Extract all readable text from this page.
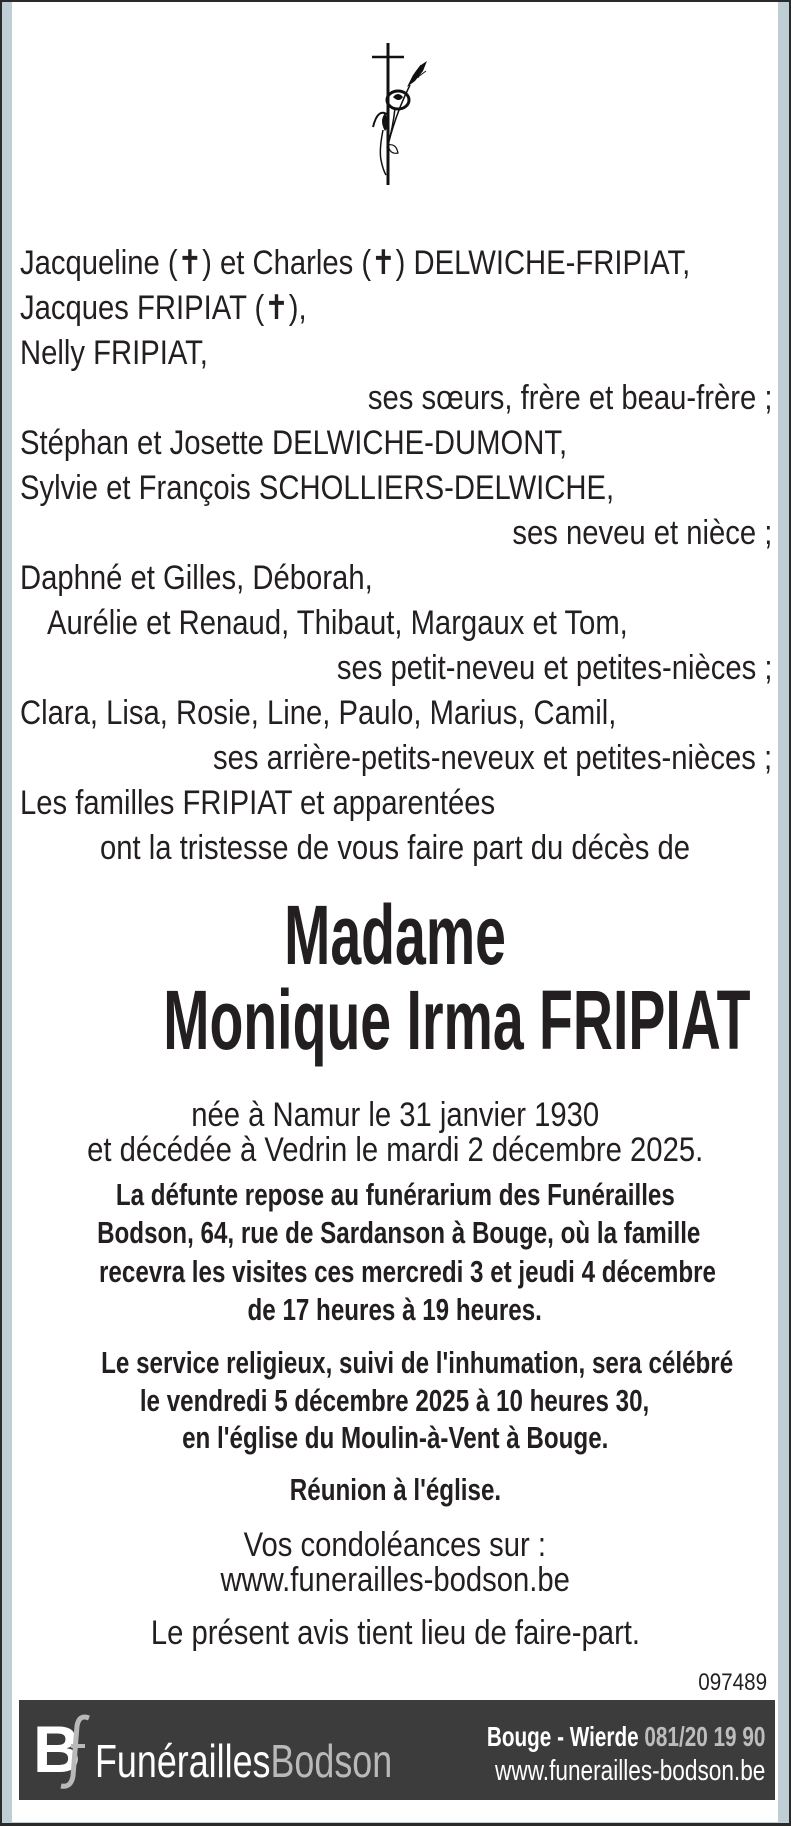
Jacqueline (✝) et Charles (✝) DELWICHE-FRIPIAT,
Jacques FRIPIAT (✝),
Nelly FRIPIAT,
ses sœurs, frère et beau-frère ;
Stéphan et Josette DELWICHE-DUMONT,
Sylvie et François SCHOLLIERS-DELWICHE,
ses neveu et nièce ;
Daphné et Gilles, Déborah,
Aurélie et Renaud, Thibaut, Margaux et Tom,
ses petit-neveu et petites-nièces ;
Clara, Lisa, Rosie, Line, Paulo, Marius, Camil,
ses arrière-petits-neveux et petites-nièces ;
Les familles FRIPIAT et apparentées
ont la tristesse de vous faire part du décès de
Madame
Monique Irma FRIPIAT
née à Namur le 31 janvier 1930
et décédée à Vedrin le mardi 2 décembre 2025.
La défunte repose au funérarium des Funérailles
Bodson, 64, rue de Sardanson à Bouge, où la famille
recevra les visites ces mercredi 3 et jeudi 4 décembre
de 17 heures à 19 heures.
Le service religieux, suivi de l'inhumation, sera célébré
le vendredi 5 décembre 2025 à 10 heures 30,
en l'église du Moulin-à-Vent à Bouge.
Réunion à l'église.
Vos condoléances sur :
www.funerailles-bodson.be
Le présent avis tient lieu de faire-part.
097489
B FunéraillesBodson	Bouge - Wierde 081/20 19 90
www.funerailles-bodson.be
